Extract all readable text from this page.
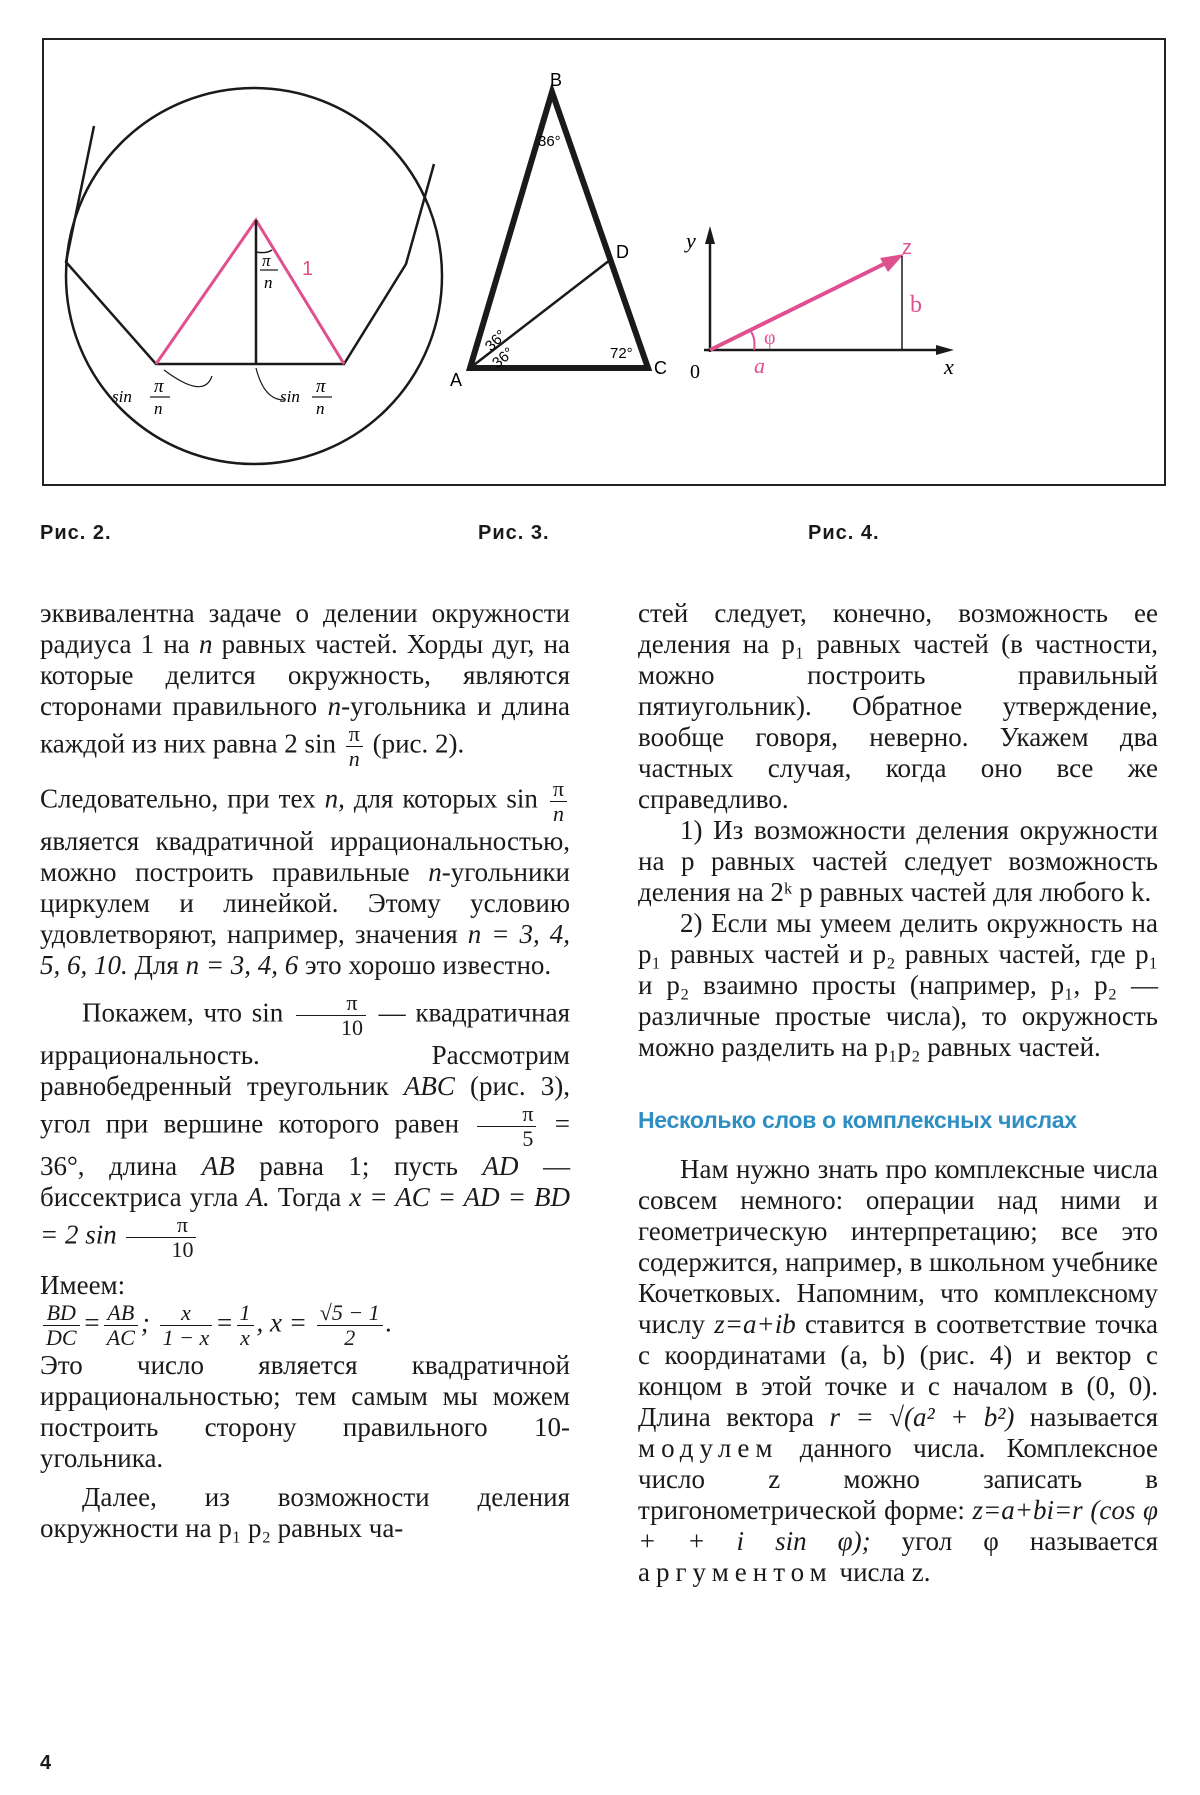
π
n
1
sin π
n
sin π
n
B
A
C
D
36°
36°
36°	72°
y
x
0
z
a
b
φ
Рис. 2.	Рис. 3.	Рис. 4.

эквивалентна задаче о делении окружности радиуса 1 на n равных частей. Хорды дуг, на которые делится окружность, являются сторонами правильного n-угольника и длина каждой из них равна 2 $\sin \frac{\pi}{n} (рис$. 2).

Следовательно, при тех n, для которых $\sin \frac{\pi}{n}$
является квадратичной иррациональностью, можно построить правильные n-угольники циркулем и линейкой. Этому условию удовлетворяют, например, значения n = 3, 4, 5, 6, 10. Для n = 3, 4, 6 это хорошо известно.

Покажем, что $\sin \frac{\pi}{10}$ — квадратичная иррациональность. Рассмотрим равнобедренный треугольник ABC (рис. 3), угол при вершине которого равен $\frac{\pi}{5} = 36^\circ$, длина AB равна 1; пусть AD — биссектриса угла A. Тогда x = AC = AD = BD = 2 $\sin \frac{\pi}{10}$

Имеем:

$\frac{BD}{DC} = \frac{AB}{AC}$ ; $\frac{x}{1 - x} = \frac{1}{x}$ , $x = \frac{√5 - 1}{2}$ .

Это число является квадратичной иррациональностью; тем самым мы можем построить сторону правильного 10-угольника.

Далее, из возможности деления окружности на p₁ p₂ равных ча-

стей следует, конечно, возможность ее деления на p₁ равных частей (в частности, можно построить правильный пятиугольник). Обратное утверждение, вообще говоря, неверно. Укажем два частных случая, когда оно все же справедливо.

1) Из возможности деления окружности на p равных частей следует возможность деления на 2ᵏ p равных частей для любого k.

2) Если мы умеем делить окружность на p₁ равных частей и p₂ равных частей, где p₁ и p₂ взаимно просты (например, p₁, p₂ — различные простые числа), то окружность можно разделить на p₁p₂ равных частей.

Несколько слов о комплексных числах

Нам нужно знать про комплексные числа совсем немного: операции над ними и геометрическую интерпретацию; все это содержится, например, в школьном учебнике Кочетковых. Напомним, что комплексному числу z=a+ib ставится в соответствие точка с координатами (a, b) (рис. 4) и вектор с концом в этой точке и с началом в (0, 0). Длина вектора r = √(a² + b²) называется модулем данного числа. Комплексное число z можно записать в тригонометрической форме: z=a+bi=r (cos φ + + i sin φ); угол φ называется аргументом числа z.

4
